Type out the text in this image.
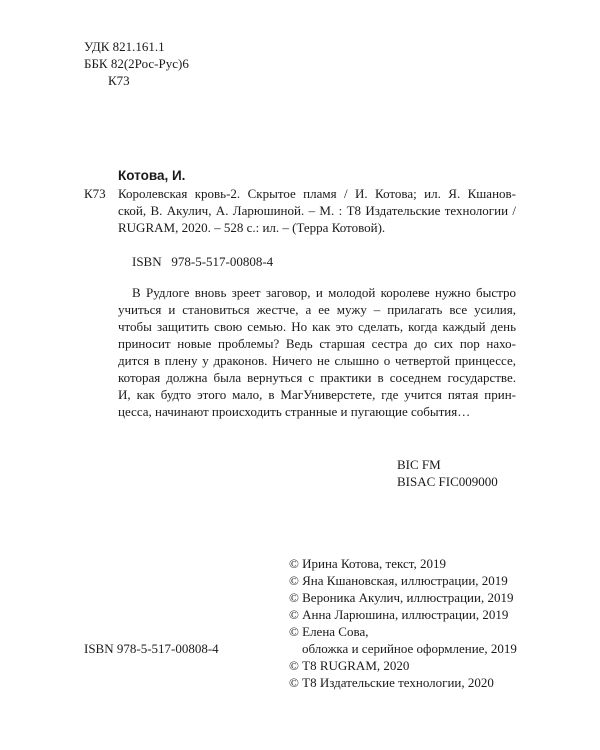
УДК 821.161.1
ББК 82(2Рос-Рус)6
К73
Котова, И.
К73 Королевская кровь-2. Скрытое пламя / И. Котова; ил. Я. Кшанов-
ской, В. Акулич, А. Ларюшиной. – М. : Т8 Издательские технологии /
RUGRAM, 2020. – 528 с.: ил. – (Терра Котовой).
ISBN   978-5-517-00808-4
В Рудлоге вновь зреет заговор, и молодой королеве нужно быстро
учиться и становиться жестче, а ее мужу – прилагать все усилия,
чтобы защитить свою семью. Но как это сделать, когда каждый день
приносит новые проблемы? Ведь старшая сестра до сих пор нахо-
дится в плену у драконов. Ничего не слышно о четвертой принцессе,
которая должна была вернуться с практики в соседнем государстве.
И, как будто этого мало, в МагУниверстете, где учится пятая прин-
цесса, начинают происходить странные и пугающие события…
BIC FM
BISAC FIC009000
© Ирина Котова, текст, 2019
© Яна Кшановская, иллюстрации, 2019
© Вероника Акулич, иллюстрации, 2019
© Анна Ларюшина, иллюстрации, 2019
© Елена Сова,
обложка и серийное оформление, 2019
© Т8 RUGRAM, 2020
© Т8 Издательские технологии, 2020
ISBN 978-5-517-00808-4
